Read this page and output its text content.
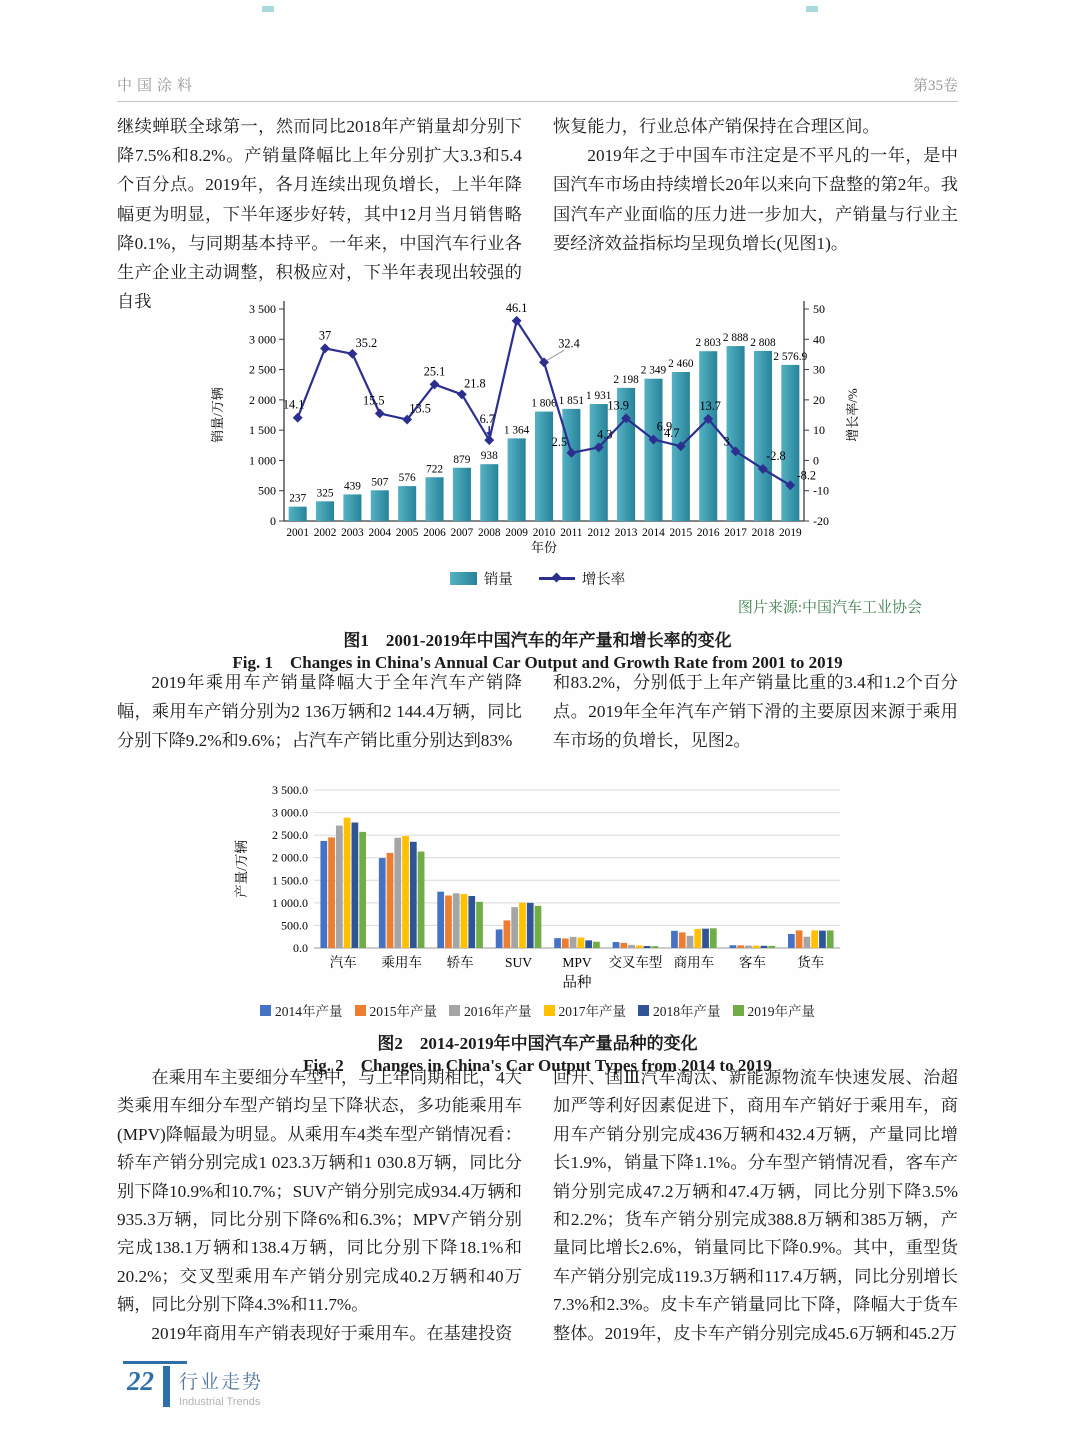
中国涂料	第35卷

继续蝉联全球第一，然而同比2018年产销量却分别下降7.5%和8.2%。产销量降幅比上年分别扩大3.3和5.4个百分点。2019年，各月连续出现负增长，上半年降幅更为明显，下半年逐步好转，其中12月当月销售略降0.1%，与同期基本持平。一年来，中国汽车行业各生产企业主动调整，积极应对，下半年表现出较强的自我

恢复能力，行业总体产销保持在合理区间。

2019年之于中国车市注定是不平凡的一年，是中国汽车市场由持续增长20年以来向下盘整的第2年。我国汽车产业面临的压力进一步加大，产销量与行业主要经济效益指标均呈现负增长(见图1)。

0
500
1 000
1 500
2 000
2 500
3 000
3 500
-20
-10
0
10
20
30
40
50
237
2001
325
2002
439
2003
507
2004
576
2005
722
2006
879
2007
938
2008
1 364
2009
1 806
2010
1 851
2011
1 931
2012
2 198
2013
2 349
2014
2 460
2015
2 803
2016
2 888
2017
2 808
2018
2 576.9
2019
年份
销量/万辆	增长率/%
14.1
37
35.2
15.5
13.5
25.1
21.8
6.7
46.1
32.4
2.5
4.3
13.9
6.9
4.7
13.7
3
-2.8
-8.2
销量	增长率
图片来源:中国汽车工业协会
图1 2001-2019年中国汽车的年产量和增长率的变化
Fig. 1 Changes in China's Annual Car Output and Growth Rate from 2001 to 2019

2019年乘用车产销量降幅大于全年汽车产销降幅，乘用车产销分别为2 136万辆和2 144.4万辆，同比分别下降9.2%和9.6%；占汽车产销比重分别达到83%

和83.2%，分别低于上年产销量比重的3.4和1.2个百分点。2019年全年汽车产销下滑的主要原因来源于乘用车市场的负增长，见图2。

0.0
500.0
1 000.0
1 500.0
2 000.0
2 500.0
3 000.0
3 500.0
汽车 乘用车 轿车 SUV MPV 交叉车型 商用车 客车 货车
品种
产量/万辆
2014年产量 2015年产量 2016年产量 2017年产量 2018年产量 2019年产量
图2 2014-2019年中国汽车产量品种的变化
Fig. 2 Changes in China's Car Output Types from 2014 to 2019

在乘用车主要细分车型中，与上年同期相比，4大类乘用车细分车型产销均呈下降状态，多功能乘用车(MPV)降幅最为明显。从乘用车4类车型产销情况看：轿车产销分别完成1 023.3万辆和1 030.8万辆，同比分别下降10.9%和10.7%；SUV产销分别完成934.4万辆和935.3万辆，同比分别下降6%和6.3%；MPV产销分别完成138.1万辆和138.4万辆，同比分别下降18.1%和20.2%；交叉型乘用车产销分别完成40.2万辆和40万辆，同比分别下降4.3%和11.7%。

2019年商用车产销表现好于乘用车。在基建投资

回升、国Ⅲ汽车淘汰、新能源物流车快速发展、治超加严等利好因素促进下，商用车产销好于乘用车，商用车产销分别完成436万辆和432.4万辆，产量同比增长1.9%，销量下降1.1%。分车型产销情况看，客车产销分别完成47.2万辆和47.4万辆，同比分别下降3.5%和2.2%；货车产销分别完成388.8万辆和385万辆，产量同比增长2.6%，销量同比下降0.9%。其中，重型货车产销分别完成119.3万辆和117.4万辆，同比分别增长7.3%和2.3%。皮卡车产销量同比下降，降幅大于货车整体。2019年，皮卡车产销分别完成45.6万辆和45.2万

22	行业走势
Industrial Trends
